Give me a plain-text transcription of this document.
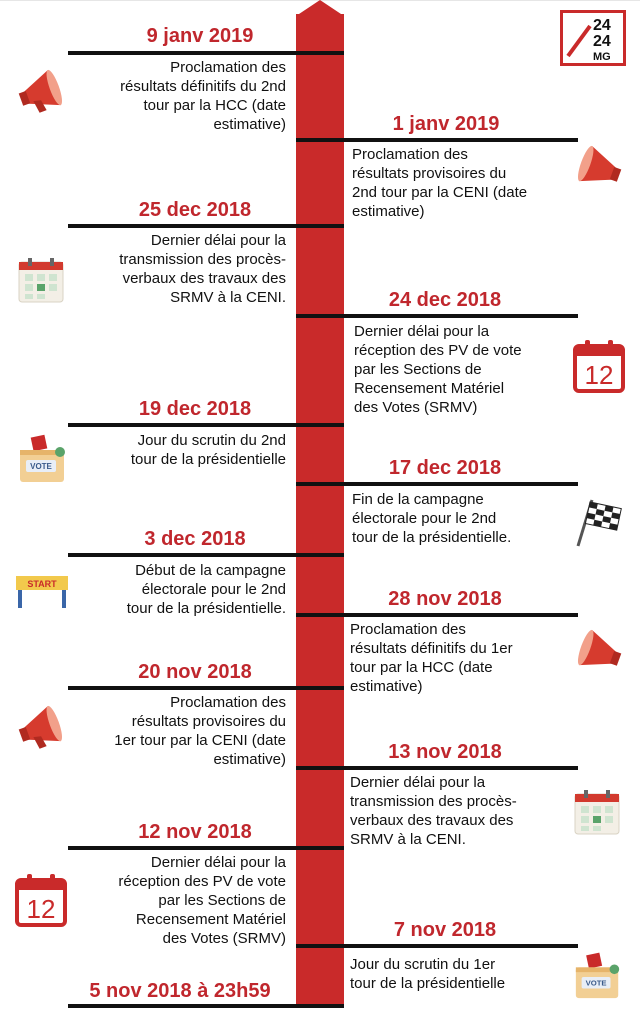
24
24
MG
9 janv 2019
Proclamation des
résultats définitifs du 2nd
tour par la HCC (date
estimative)	1 janv 2019
Proclamation des
résultats provisoires du
2nd tour par la CENI (date
estimative)
25 dec 2018
Dernier délai pour la
transmission des procès-
verbaux des travaux des
SRMV à la CENI.	24 dec 2018
Dernier délai pour la
réception des PV de vote
par les Sections de
Recensement Matériel
des Votes (SRMV)
12
19 dec 2018
Jour du scrutin du 2nd
tour de la présidentielle
VOTE	17 dec 2018
Fin de la campagne
électorale pour le 2nd
tour de la présidentielle.
3 dec 2018
Début de la campagne
électorale pour le 2nd
tour de la présidentielle.
START
28 nov 2018
Proclamation des
résultats définitifs du 1er
tour par la HCC (date
estimative)
20 nov 2018
Proclamation des
résultats provisoires du
1er tour par la CENI (date
estimative)	13 nov 2018
Dernier délai pour la
transmission des procès-
verbaux des travaux des
SRMV à la CENI.
12 nov 2018
Dernier délai pour la
réception des PV de vote
par les Sections de
Recensement Matériel
des Votes (SRMV)
12
7 nov 2018
Jour du scrutin du 1er
tour de la présidentielle	VOTE
5 nov 2018 à 23h59
